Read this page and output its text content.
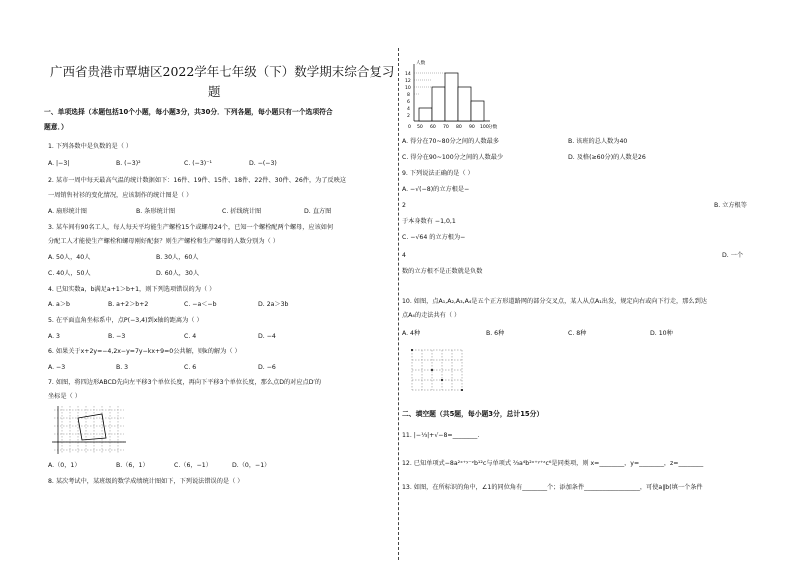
广西省贵港市覃塘区2022学年七年级（下）数学期末综合复习
题
一、单项选择（本题包括10个小题，每小题3分，共30分．下列各题，每小题只有一个选项符合
题意．）
1. 下列各数中是负数的是（ ）
A. |−3|	B. (−3)²	C. (−3)⁻¹	D. −(−3)
2. 某市一周中每天最高气温的统计数据如下：16件、19件、15件、18件、22件、30件、26件，为了反映这
一周销售衬衫的变化情况，应该制作的统计图是（ ）
A. 扇形统计图	B. 条形统计图	C. 折线统计图	D. 直方图
3. 某车间有90名工人，每人每天平均能生产螺栓15个或螺母24个，已知一个螺栓配两个螺母，应该如何
分配工人才能使生产螺栓和螺母刚好配套？则生产螺栓和生产螺母的人数分别为（ ）
A. 50人，40人	B. 30人，60人
C. 40人，50人	D. 60人，30人
4. 已知实数a，b满足a+1＞b+1，则下列选项错误的为（ ）
A. a＞b	B. a+2＞b+2	C. −a＜−b	D. 2a＞3b
5. 在平面直角坐标系中，点P(−3,4)到x轴的距离为（ ）
A. 3	B. −3	C. 4	D. −4
6. 如果关于x+2y=−4,2x−y=7y−kx+9=0公共解，则k的解为（ ）
A. −3	B. 3	C. 6	D. −6
7. 如图，将四边形ABCD先向左平移3个单位长度，再向下平移3个单位长度，那么点D的对应点D′的
坐标是（ ）
A.（0，1）	B.（6，1）	C.（6，−1）	D.（0，−1）
8. 某次考试中，某班级的数学成绩统计图如下，下列说法错误的是（ ）
人数
14
12
10
8
6
4
2
0 50 60 70 80 90 100 分数
A. 得分在70~80分之间的人数最多	B. 该班的总人数为40
C. 得分在90~100分之间的人数最少	D. 及格(≥60分)的人数是26
9. 下列说法正确的是（ ）
A. −√(−8)的立方根是−
2	B. 立方根等
于本身数有 −1,0,1
C. −√64 的立方根为−
4	D. 一个
数的立方根不是正数就是负数
10. 如图，点A₁,A₂,A₃,A₄是五个正方形道路网的部分交叉点，某人从点A₁出发，规定向右或向下行走，那么到达
点A₄的走法共有（ ）
A. 4种	B. 6种	C. 8种	D. 10种
二、填空题（共5题，每小题3分，总计15分）
11. |−⅓|+√−8=________.
12. 已知单项式−8a²ˣ⁺ʸ⁻ᶻb¹²c与单项式 ⅔a⁴b²ˣ⁺ʸ⁺ᶻc⁶是同类项，则 x=________，y=________，z=________
13. 如图，在所标识的角中，∠1的同位角有________个；添加条件__________________，可使a∥b(填一个条件
